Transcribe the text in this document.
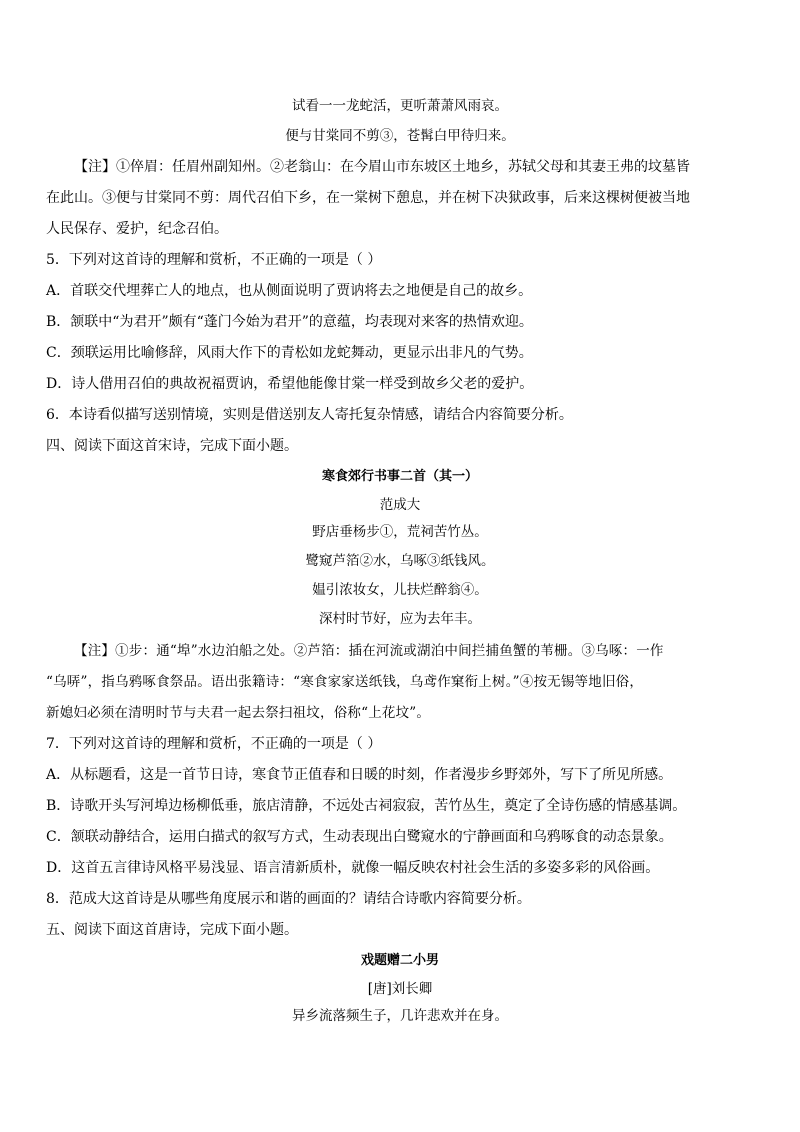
试看一一龙蛇活，更听萧萧风雨哀。
便与甘棠同不剪③，苍髯白甲待归来。
【注】①倅眉：任眉州副知州。②老翁山：在今眉山市东坡区土地乡，苏轼父母和其妻王弗的坟墓皆
在此山。③便与甘棠同不剪：周代召伯下乡，在一棠树下憩息，并在树下决狱政事，后来这棵树便被当地
人民保存、爱护，纪念召伯。
5．下列对这首诗的理解和赏析，不正确的一项是（ ）
A．首联交代埋葬亡人的地点，也从侧面说明了贾讷将去之地便是自己的故乡。
B．颔联中“为君开”颇有“蓬门今始为君开”的意蕴，均表现对来客的热情欢迎。
C．颈联运用比喻修辞，风雨大作下的青松如龙蛇舞动，更显示出非凡的气势。
D．诗人借用召伯的典故祝福贾讷，希望他能像甘棠一样受到故乡父老的爱护。
6．本诗看似描写送别情境，实则是借送别友人寄托复杂情感，请结合内容简要分析。
四、阅读下面这首宋诗，完成下面小题。
寒食郊行书事二首（其一）
范成大
野店垂杨步①，荒祠苦竹丛。
鹭窥芦箔②水，乌啄③纸钱风。
媪引浓妆女，儿扶烂醉翁④。
深村时节好，应为去年丰。
【注】①步：通“埠”水边泊船之处。②芦箔：插在河流或湖泊中间拦捕鱼蟹的苇栅。③乌啄：一作
“乌哢”，指乌鸦啄食祭品。语出张籍诗：“寒食家家送纸钱，乌鸢作窠衔上树。”④按无锡等地旧俗，
新媳妇必须在清明时节与夫君一起去祭扫祖坟，俗称“上花坟”。
7．下列对这首诗的理解和赏析，不正确的一项是（ ）
A．从标题看，这是一首节日诗，寒食节正值春和日暖的时刻，作者漫步乡野郊外，写下了所见所感。
B．诗歌开头写河埠边杨柳低垂，旅店清静，不远处古祠寂寂，苦竹丛生，奠定了全诗伤感的情感基调。
C．颔联动静结合，运用白描式的叙写方式，生动表现出白鹭窥水的宁静画面和乌鸦啄食的动态景象。
D．这首五言律诗风格平易浅显、语言清新质朴，就像一幅反映农村社会生活的多姿多彩的风俗画。
8．范成大这首诗是从哪些角度展示和谐的画面的？请结合诗歌内容简要分析。
五、阅读下面这首唐诗，完成下面小题。
戏题赠二小男
[唐]刘长卿
异乡流落频生子，几许悲欢并在身。
